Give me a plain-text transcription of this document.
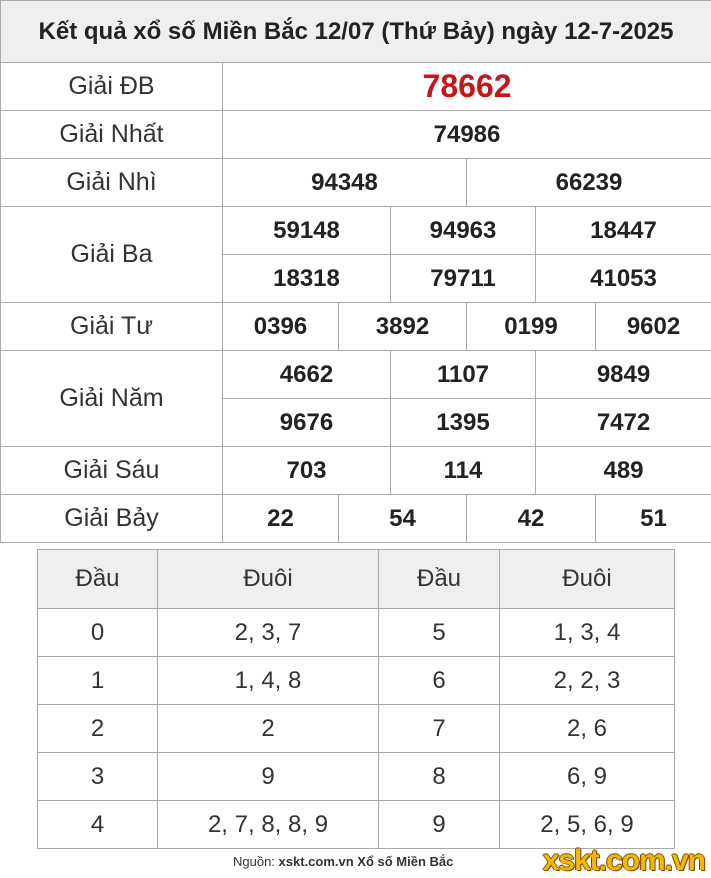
Kết quả xổ số Miền Bắc 12/07 (Thứ Bảy) ngày 12-7-2025						
Giải ĐB	78662					
Giải Nhất	74986					
Giải Nhì	94348			66239		
Giải Ba	59148		94963		18447	
	18318		79711		41053	
Giải Tư	0396	3892		0199		9602
Giải Năm	4662		1107		9849	
	9676		1395		7472	
Giải Sáu	703		114		489	
Giải Bảy	22	54		42		51
Đầu	Đuôi	Đầu	Đuôi
0	2, 3, 7	5	1, 3, 4
1	1, 4, 8	6	2, 2, 3
2	2	7	2, 6
3	9	8	6, 9
4	2, 7, 8, 8, 9	9	2, 5, 6, 9
Nguồn: xskt.com.vn Xổ số Miền Bắc	xskt.com.vn
